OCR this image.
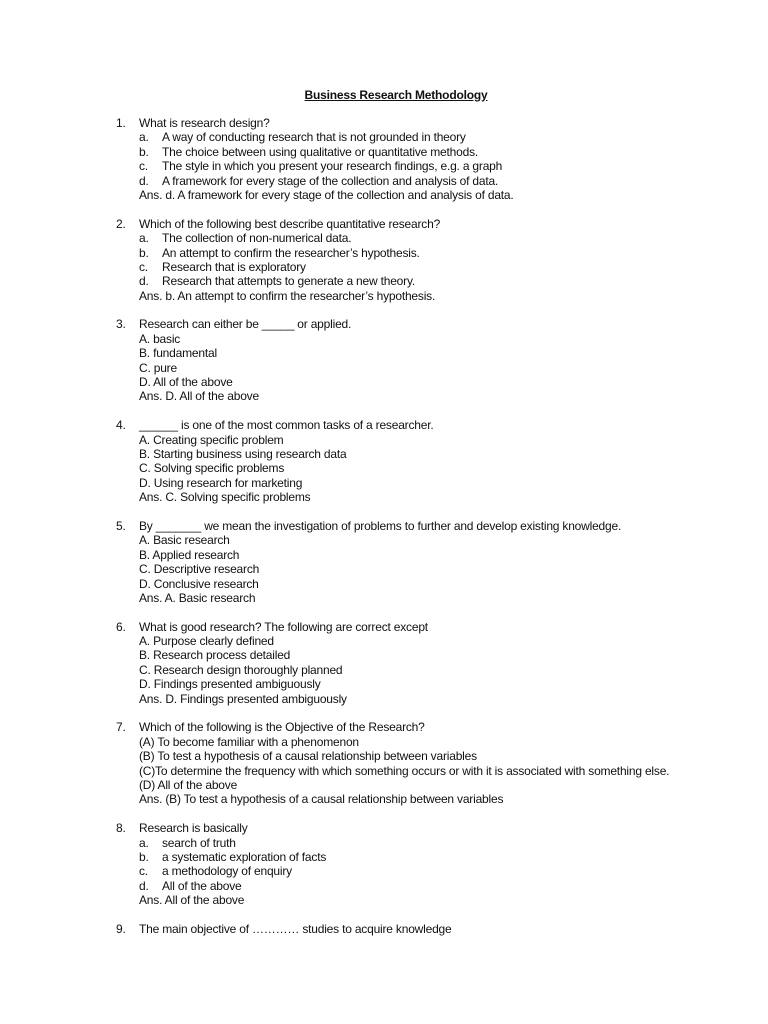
Business Research Methodology
1. What is research design?
a. A way of conducting research that is not grounded in theory
b. The choice between using qualitative or quantitative methods.
c. The style in which you present your research findings, e.g. a graph
d. A framework for every stage of the collection and analysis of data.
Ans. d. A framework for every stage of the collection and analysis of data.
2. Which of the following best describe quantitative research?
a. The collection of non-numerical data.
b. An attempt to confirm the researcher’s hypothesis.
c. Research that is exploratory
d. Research that attempts to generate a new theory.
Ans. b. An attempt to confirm the researcher’s hypothesis.
3. Research can either be _____ or applied.
A. basic
B. fundamental
C. pure
D. All of the above
Ans. D. All of the above
4. ______ is one of the most common tasks of a researcher.
A. Creating specific problem
B. Starting business using research data
C. Solving specific problems
D. Using research for marketing
Ans. C. Solving specific problems
5. By _______ we mean the investigation of problems to further and develop existing knowledge.
A. Basic research
B. Applied research
C. Descriptive research
D. Conclusive research
Ans. A. Basic research
6. What is good research? The following are correct except
A. Purpose clearly defined
B. Research process detailed
C. Research design thoroughly planned
D. Findings presented ambiguously
Ans. D. Findings presented ambiguously
7. Which of the following is the Objective of the Research?
(A) To become familiar with a phenomenon
(B) To test a hypothesis of a causal relationship between variables
(C)To determine the frequency with which something occurs or with it is associated with something else.
(D) All of the above
Ans. (B) To test a hypothesis of a causal relationship between variables
8. Research is basically
a. search of truth
b. a systematic exploration of facts
c. a methodology of enquiry
d. All of the above
Ans. All of the above
9. The main objective of ………… studies to acquire knowledge
